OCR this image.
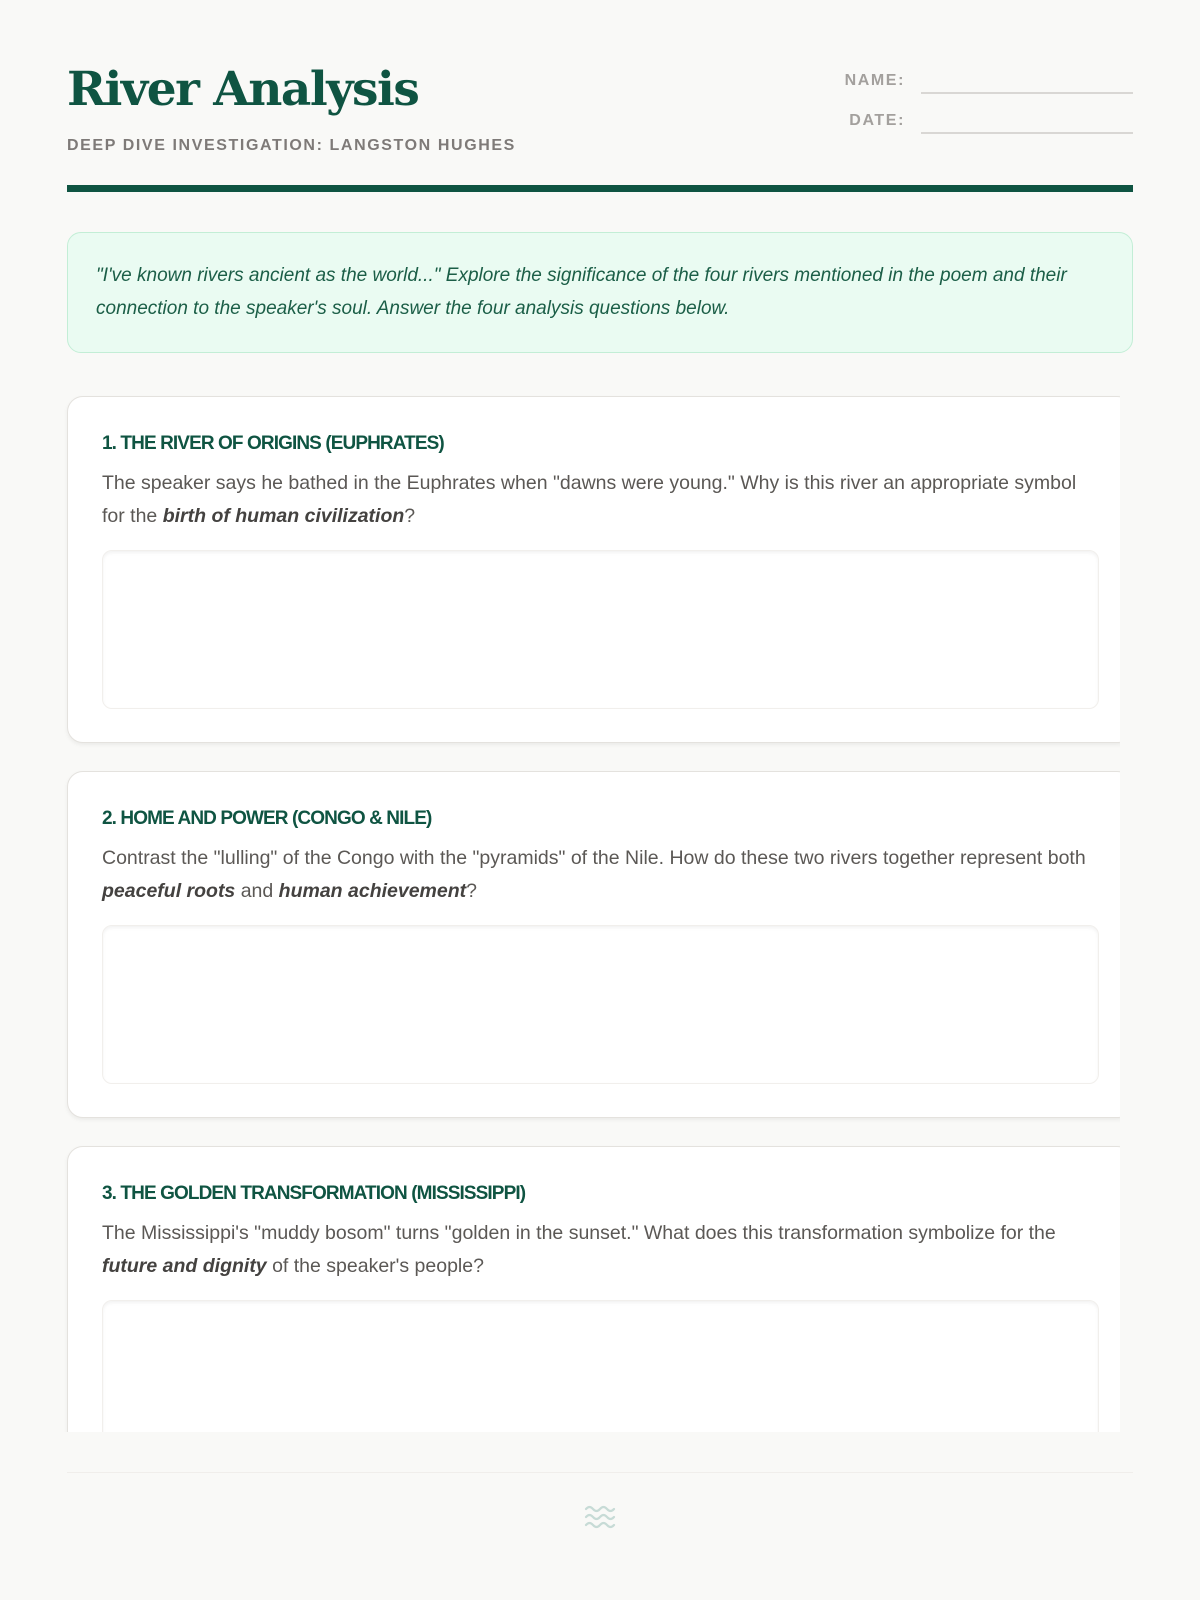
River Analysis
DEEP DIVE INVESTIGATION: LANGSTON HUGHES
NAME:
DATE:
"I've known rivers ancient as the world..." Explore the significance of the four rivers mentioned in the poem and their connection to the speaker's soul. Answer the four analysis questions below.
1. THE RIVER OF ORIGINS (EUPHRATES)
The speaker says he bathed in the Euphrates when "dawns were young." Why is this river an appropriate symbol for the birth of human civilization?
2. HOME AND POWER (CONGO & NILE)
Contrast the "lulling" of the Congo with the "pyramids" of the Nile. How do these two rivers together represent both peaceful roots and human achievement?
3. THE GOLDEN TRANSFORMATION (MISSISSIPPI)
The Mississippi's "muddy bosom" turns "golden in the sunset." What does this transformation symbolize for the future and dignity of the speaker's people?
